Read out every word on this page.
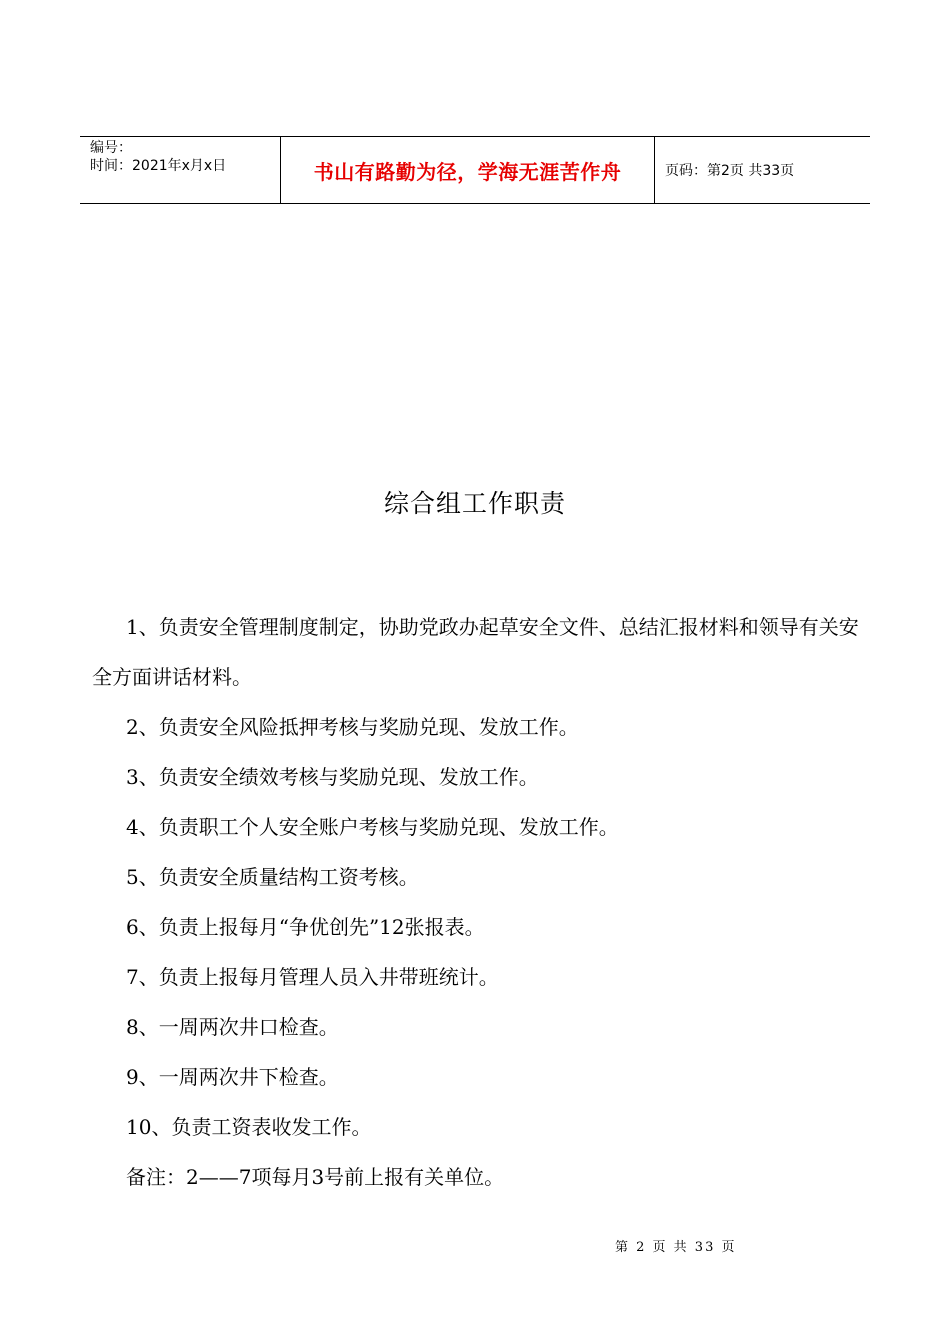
编号：
时间：2021年x月x日	书山有路勤为径，学海无涯苦作舟	页码：第2页 共33页
综合组工作职责

1、负责安全管理制度制定，协助党政办起草安全文件、总结汇报材料和领导有关安全方面讲话材料。

2、负责安全风险抵押考核与奖励兑现、发放工作。

3、负责安全绩效考核与奖励兑现、发放工作。

4、负责职工个人安全账户考核与奖励兑现、发放工作。

5、负责安全质量结构工资考核。

6、负责上报每月“争优创先”12张报表。

7、负责上报每月管理人员入井带班统计。

8、一周两次井口检查。

9、一周两次井下检查。

10、负责工资表收发工作。

备注：2——7项每月3号前上报有关单位。

第 2 页 共 33 页
